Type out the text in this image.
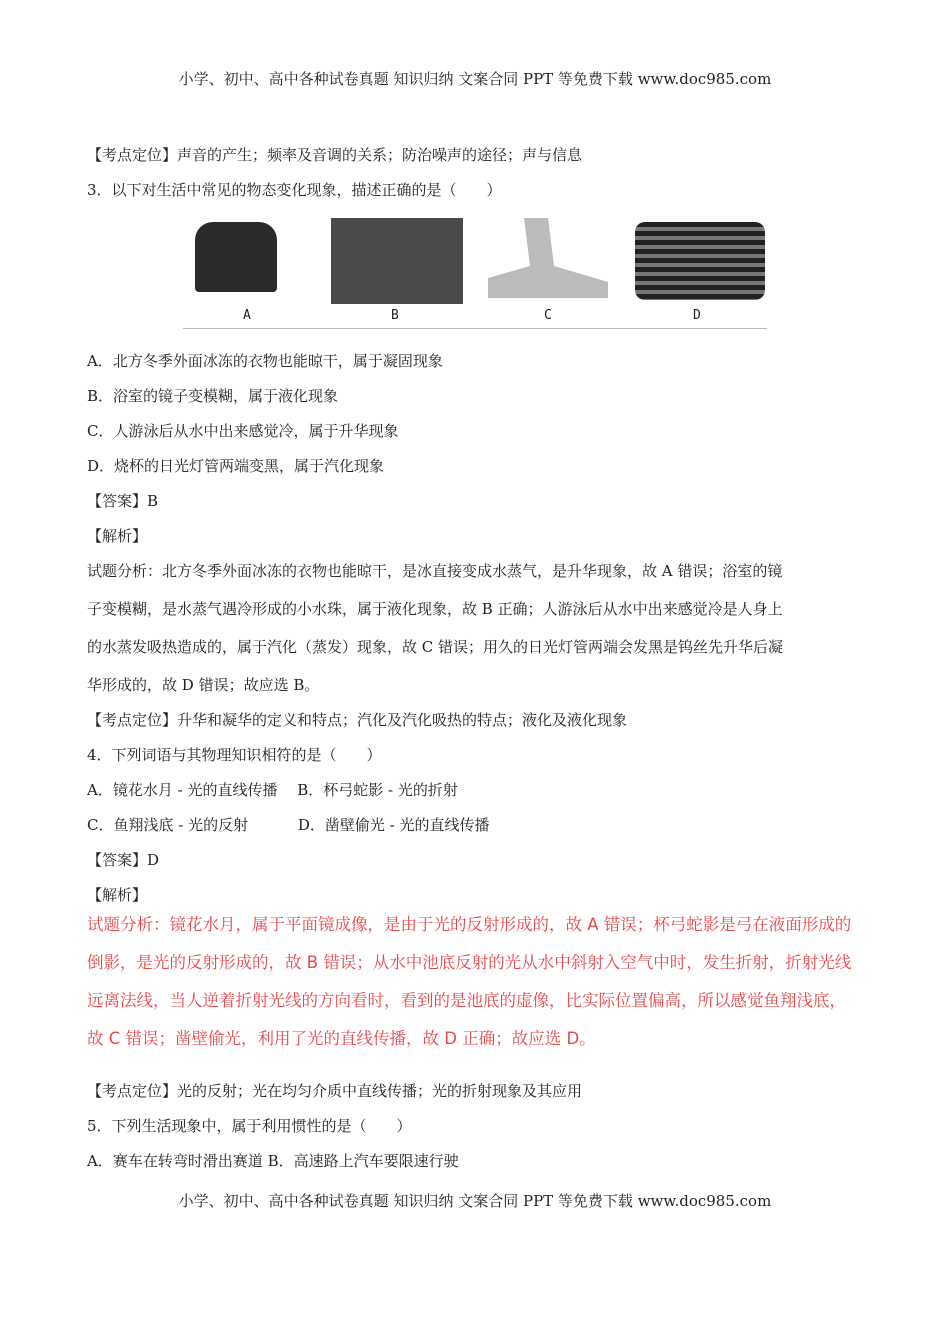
小学、初中、高中各种试卷真题 知识归纳 文案合同 PPT 等免费下载 www.doc985.com
【考点定位】声音的产生；频率及音调的关系；防治噪声的途径；声与信息
3．以下对生活中常见的物态变化现象，描述正确的是（　　）
A	B	C	D
A．北方冬季外面冰冻的衣物也能晾干，属于凝固现象
B．浴室的镜子变模糊，属于液化现象
C．人游泳后从水中出来感觉冷，属于升华现象
D．烧杯的日光灯管两端变黑，属于汽化现象
【答案】B
【解析】
试题分析：北方冬季外面冰冻的衣物也能晾干，是冰直接变成水蒸气，是升华现象，故 A 错误；浴室的镜
子变模糊，是水蒸气遇冷形成的小水珠，属于液化现象，故 B 正确；人游泳后从水中出来感觉冷是人身上
的水蒸发吸热造成的，属于汽化（蒸发）现象，故 C 错误；用久的日光灯管两端会发黑是钨丝先升华后凝
华形成的，故 D 错误；故应选 B。
【考点定位】升华和凝华的定义和特点；汽化及汽化吸热的特点；液化及液化现象
4．下列词语与其物理知识相符的是（　　）
A．镜花水月 - 光的直线传播　 B．杯弓蛇影 - 光的折射
C．鱼翔浅底 - 光的反射　　　 D．凿壁偷光 - 光的直线传播
【答案】D
【解析】
试题分析：镜花水月，属于平面镜成像，是由于光的反射形成的，故 A 错误；杯弓蛇影是弓在液面形成的
倒影，是光的反射形成的，故 B 错误；从水中池底反射的光从水中斜射入空气中时，发生折射，折射光线
远离法线，当人逆着折射光线的方向看时，看到的是池底的虚像，比实际位置偏高，所以感觉鱼翔浅底，
故 C 错误；凿壁偷光，利用了光的直线传播，故 D 正确；故应选 D。
【考点定位】光的反射；光在均匀介质中直线传播；光的折射现象及其应用
5．下列生活现象中，属于利用惯性的是（　　）
A．赛车在转弯时滑出赛道 B．高速路上汽车要限速行驶
小学、初中、高中各种试卷真题 知识归纳 文案合同 PPT 等免费下载 www.doc985.com
